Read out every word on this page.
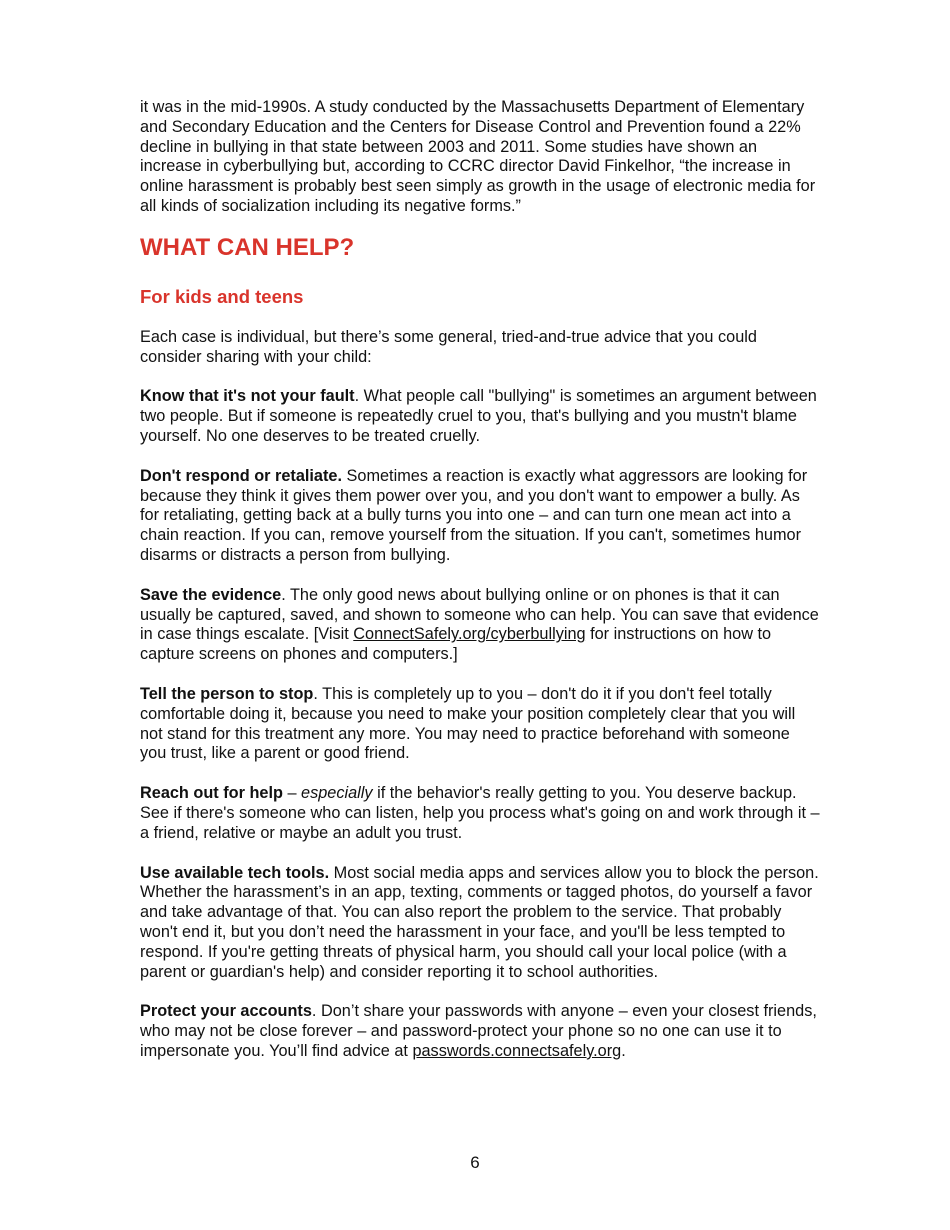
it was in the mid-1990s. A study conducted by the Massachusetts Department of Elementary and Secondary Education and the Centers for Disease Control and Prevention found a 22% decline in bullying in that state between 2003 and 2011. Some studies have shown an increase in cyberbullying but, according to CCRC director David Finkelhor, “the increase in online harassment is probably best seen simply as growth in the usage of electronic media for all kinds of socialization including its negative forms.”

WHAT CAN HELP?
For kids and teens

Each case is individual, but there’s some general, tried-and-true advice that you could consider sharing with your child:

Know that it's not your fault. What people call "bullying" is sometimes an argument between two people. But if someone is repeatedly cruel to you, that's bullying and you mustn't blame yourself. No one deserves to be treated cruelly.

Don't respond or retaliate. Sometimes a reaction is exactly what aggressors are looking for because they think it gives them power over you, and you don't want to empower a bully. As for retaliating, getting back at a bully turns you into one – and can turn one mean act into a chain reaction. If you can, remove yourself from the situation. If you can't, sometimes humor disarms or distracts a person from bullying.

Save the evidence. The only good news about bullying online or on phones is that it can usually be captured, saved, and shown to someone who can help. You can save that evidence in case things escalate. [Visit ConnectSafely.org/cyberbullying for instructions on how to capture screens on phones and computers.]

Tell the person to stop. This is completely up to you – don't do it if you don't feel totally comfortable doing it, because you need to make your position completely clear that you will not stand for this treatment any more. You may need to practice beforehand with someone you trust, like a parent or good friend.

Reach out for help – especially if the behavior's really getting to you. You deserve backup. See if there's someone who can listen, help you process what's going on and work through it – a friend, relative or maybe an adult you trust.

Use available tech tools. Most social media apps and services allow you to block the person. Whether the harassment’s in an app, texting, comments or tagged photos, do yourself a favor and take advantage of that. You can also report the problem to the service. That probably won't end it, but you don’t need the harassment in your face, and you'll be less tempted to respond. If you're getting threats of physical harm, you should call your local police (with a parent or guardian's help) and consider reporting it to school authorities.

Protect your accounts. Don’t share your passwords with anyone – even your closest friends, who may not be close forever – and password-protect your phone so no one can use it to impersonate you. You’ll find advice at passwords.connectsafely.org.

6
